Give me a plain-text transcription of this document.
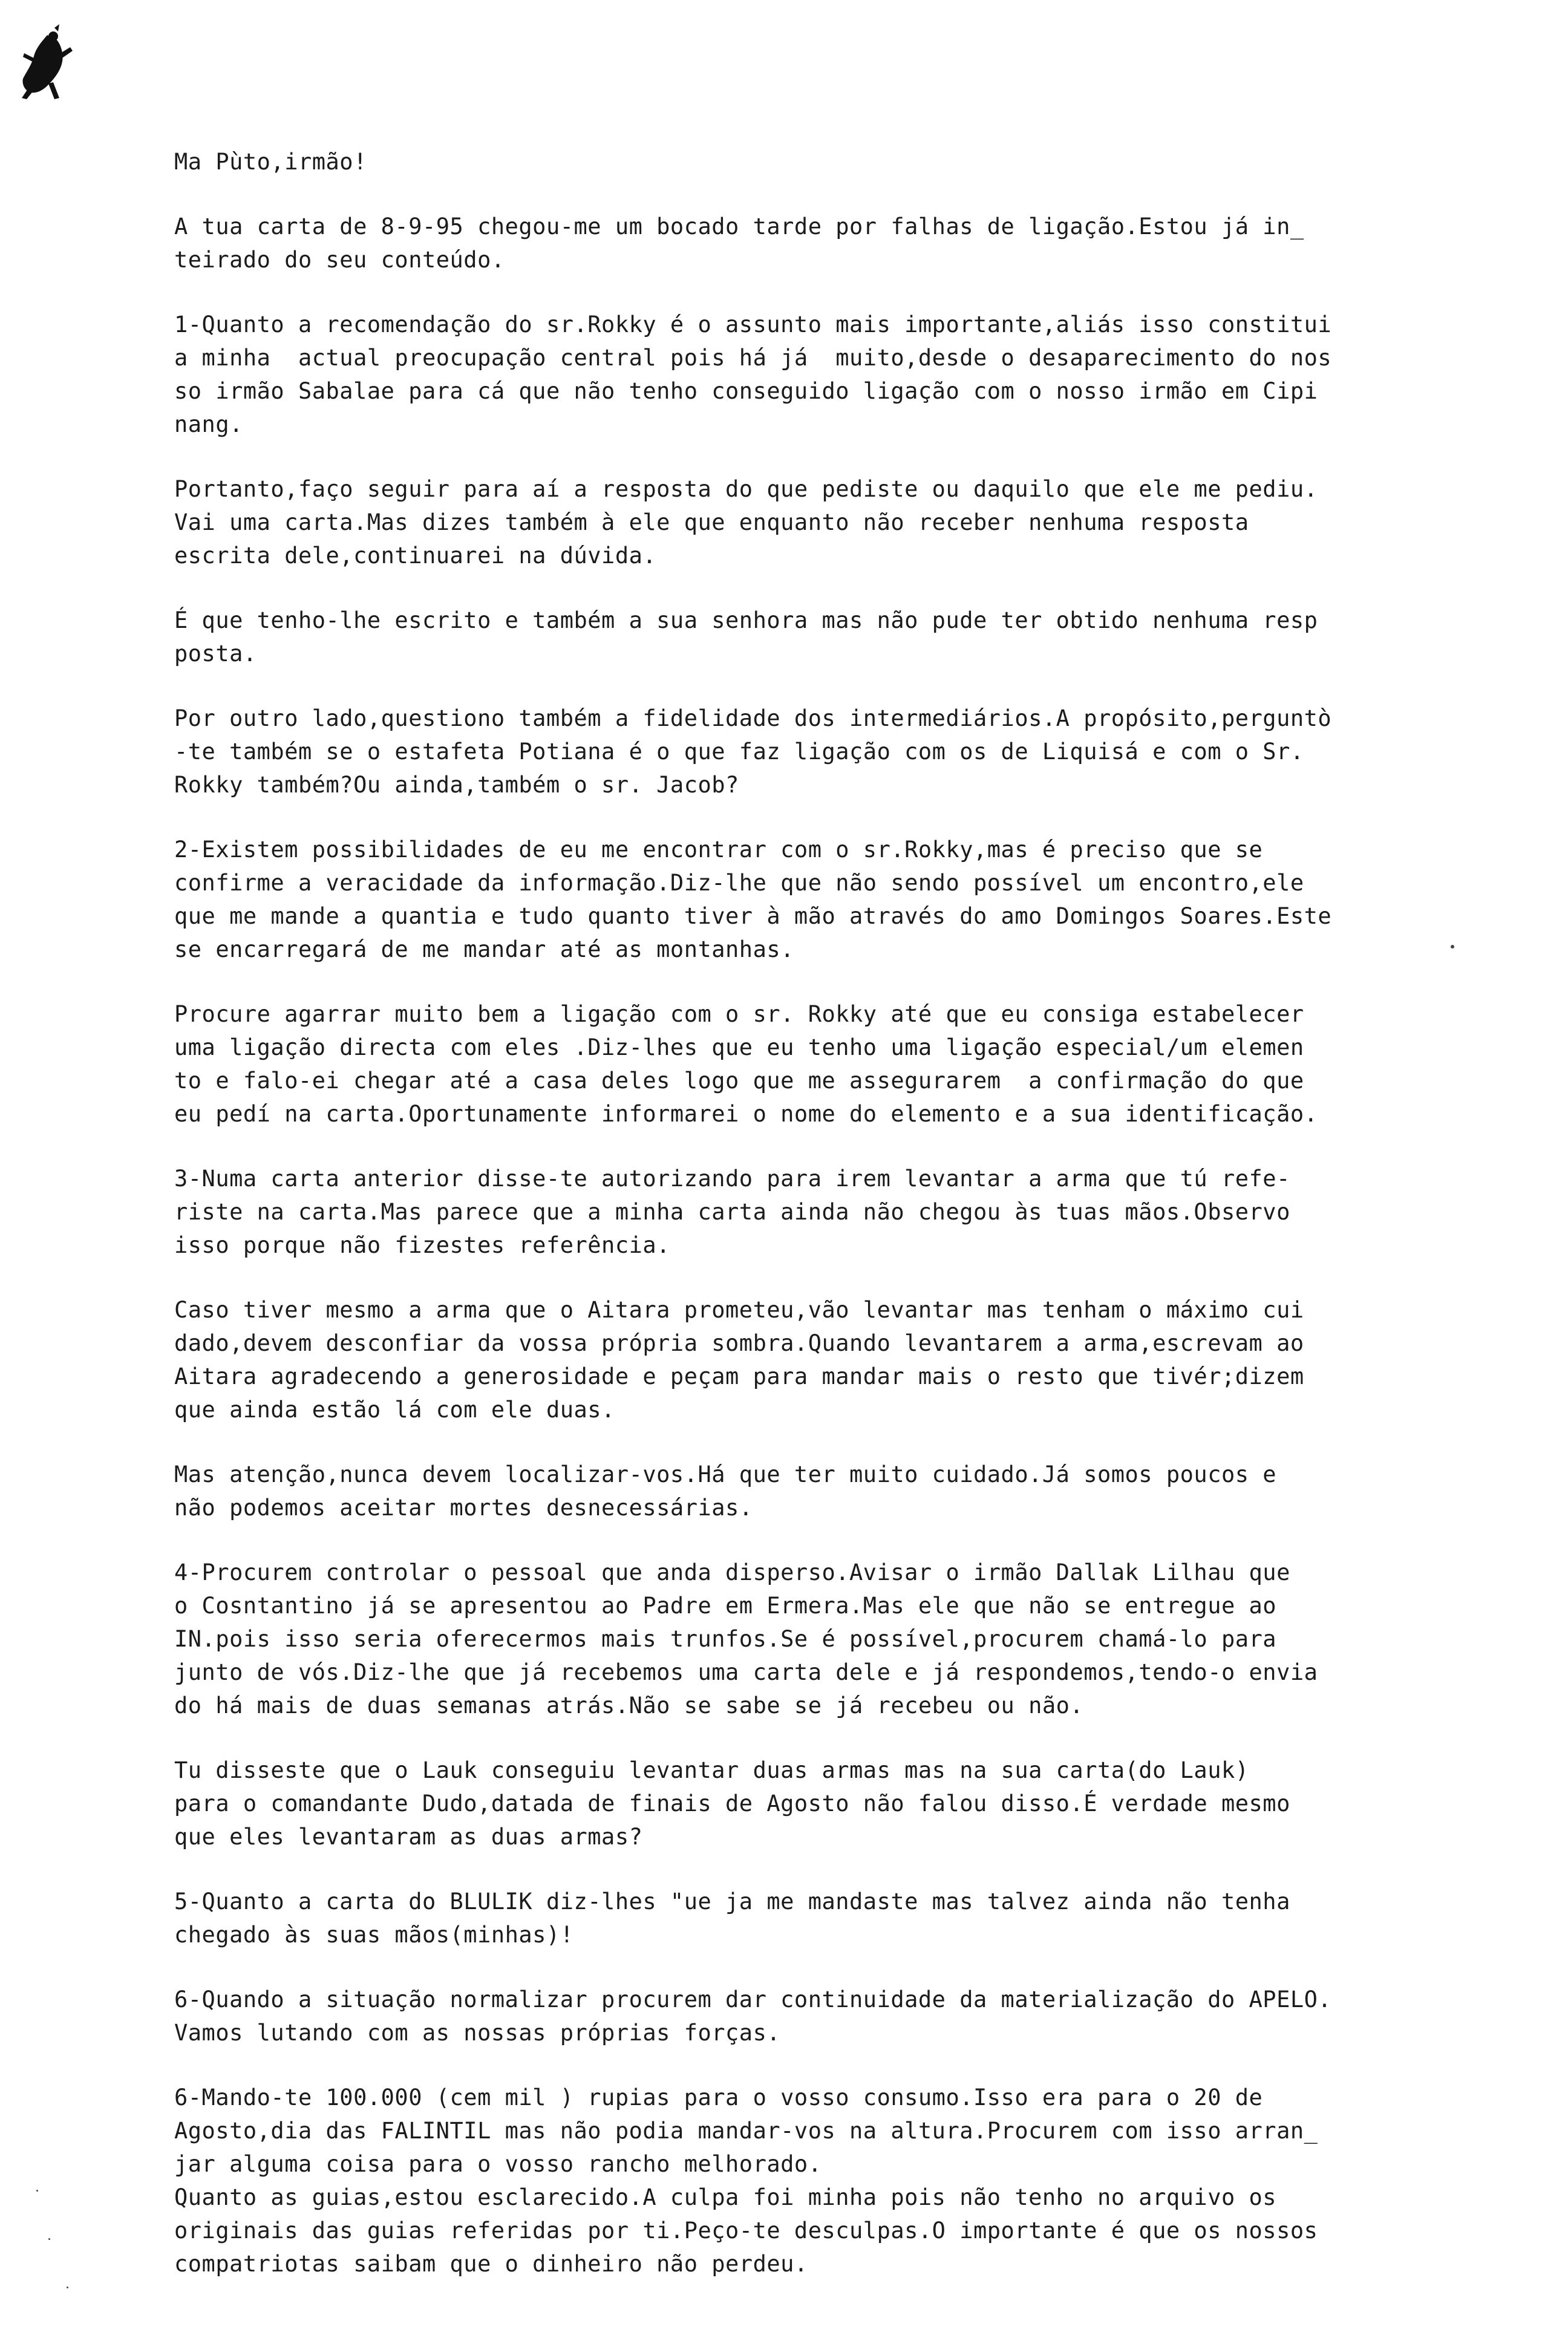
Ma Pùto,irmão!
A tua carta de 8-9-95 chegou-me um bocado tarde por falhas de ligação.Estou já in_
teirado do seu conteúdo.
1-Quanto a recomendação do sr.Rokky é o assunto mais importante,aliás isso constitui
a minha  actual preocupação central pois há já  muito,desde o desaparecimento do nos
so irmão Sabalae para cá que não tenho conseguido ligação com o nosso irmão em Cipi
nang.
Portanto,faço seguir para aí a resposta do que pediste ou daquilo que ele me pediu.
Vai uma carta.Mas dizes também à ele que enquanto não receber nenhuma resposta
escrita dele,continuarei na dúvida.
É que tenho-lhe escrito e também a sua senhora mas não pude ter obtido nenhuma resp
posta.
Por outro lado,questiono também a fidelidade dos intermediários.A propósito,perguntò
-te também se o estafeta Potiana é o que faz ligação com os de Liquisá e com o Sr.
Rokky também?Ou ainda,também o sr. Jacob?
2-Existem possibilidades de eu me encontrar com o sr.Rokky,mas é preciso que se
confirme a veracidade da informação.Diz-lhe que não sendo possível um encontro,ele
que me mande a quantia e tudo quanto tiver à mão através do amo Domingos Soares.Este
se encarregará de me mandar até as montanhas.
Procure agarrar muito bem a ligação com o sr. Rokky até que eu consiga estabelecer
uma ligação directa com eles .Diz-lhes que eu tenho uma ligação especial/um elemen
to e falo-ei chegar até a casa deles logo que me assegurarem  a confirmação do que
eu pedí na carta.Oportunamente informarei o nome do elemento e a sua identificação.
3-Numa carta anterior disse-te autorizando para irem levantar a arma que tú refe-
riste na carta.Mas parece que a minha carta ainda não chegou às tuas mãos.Observo
isso porque não fizestes referência.
Caso tiver mesmo a arma que o Aitara prometeu,vão levantar mas tenham o máximo cui
dado,devem desconfiar da vossa própria sombra.Quando levantarem a arma,escrevam ao
Aitara agradecendo a generosidade e peçam para mandar mais o resto que tivér;dizem
que ainda estão lá com ele duas.
Mas atenção,nunca devem localizar-vos.Há que ter muito cuidado.Já somos poucos e
não podemos aceitar mortes desnecessárias.
4-Procurem controlar o pessoal que anda disperso.Avisar o irmão Dallak Lilhau que
o Cosntantino já se apresentou ao Padre em Ermera.Mas ele que não se entregue ao
IN.pois isso seria oferecermos mais trunfos.Se é possível,procurem chamá-lo para
junto de vós.Diz-lhe que já recebemos uma carta dele e já respondemos,tendo-o envia
do há mais de duas semanas atrás.Não se sabe se já recebeu ou não.
Tu disseste que o Lauk conseguiu levantar duas armas mas na sua carta(do Lauk)
para o comandante Dudo,datada de finais de Agosto não falou disso.É verdade mesmo
que eles levantaram as duas armas?
5-Quanto a carta do BLULIK diz-lhes "ue ja me mandaste mas talvez ainda não tenha
chegado às suas mãos(minhas)!
6-Quando a situação normalizar procurem dar continuidade da materialização do APELO.
Vamos lutando com as nossas próprias forças.
6-Mando-te 100.000 (cem mil ) rupias para o vosso consumo.Isso era para o 20 de
Agosto,dia das FALINTIL mas não podia mandar-vos na altura.Procurem com isso arran_
jar alguma coisa para o vosso rancho melhorado.
Quanto as guias,estou esclarecido.A culpa foi minha pois não tenho no arquivo os
originais das guias referidas por ti.Peço-te desculpas.O importante é que os nossos
compatriotas saibam que o dinheiro não perdeu.
